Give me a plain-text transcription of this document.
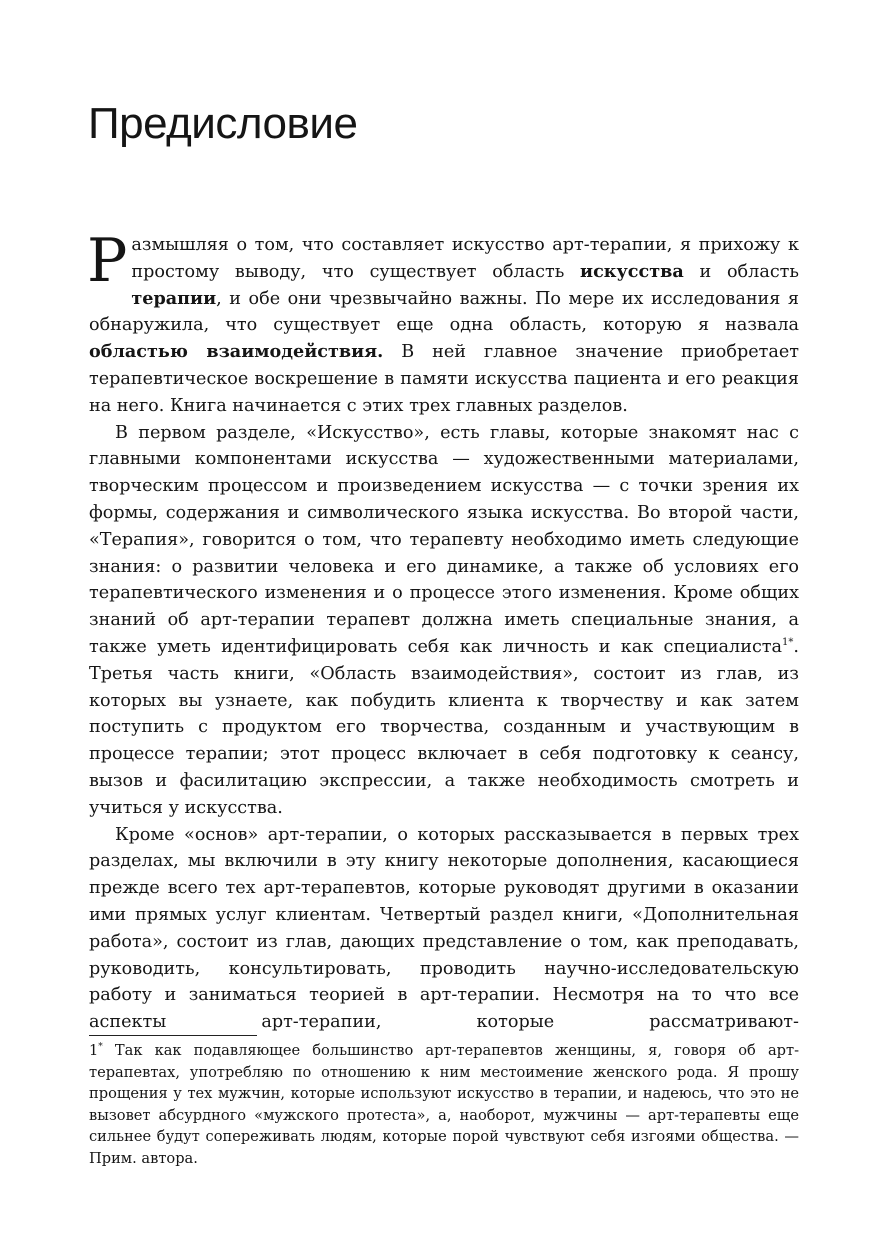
Предисловие

Размышляя о том, что составляет искусство арт-терапии, я прихожу к простому выводу, что существует область искусства и область терапии, и обе они чрезвычайно важны. По мере их исследования я обнаружила, что существует еще одна область, которую я назвала областью взаимодействия. В ней главное значение приобретает терапевтическое воскрешение в памяти искусства пациента и его реакция на него. Книга начинается с этих трех главных разделов.

В первом разделе, «Искусство», есть главы, которые знакомят нас с главными компонентами искусства — художественными материалами, творческим процессом и произведением искусства — с точки зрения их формы, содержания и символического языка искусства. Во второй части, «Терапия», говорится о том, что терапевту необходимо иметь следующие знания: о развитии человека и его динамике, а также об условиях его терапевтического изменения и о процессе этого изменения. Кроме общих знаний об арт-терапии терапевт должна иметь специальные знания, а также уметь идентифицировать себя как личность и как специалиста$^{1*}$. Третья часть книги, «Область взаимодействия», состоит из глав, из которых вы узнаете, как побудить клиента к творчеству и как затем поступить с продуктом его творчества, созданным и участвующим в процессе терапии; этот процесс включает в себя подготовку к сеансу, вызов и фасилитацию экспрессии, а также необходимость смотреть и учиться у искусства.

Кроме «основ» арт-терапии, о которых рассказывается в первых трех разделах, мы включили в эту книгу некоторые дополнения, касающиеся прежде всего тех арт-терапевтов, которые руководят другими в оказании ими прямых услуг клиентам. Четвертый раздел книги, «Дополнительная работа», состоит из глав, дающих представление о том, как преподавать, руководить, консультировать, проводить научно-исследовательскую работу и заниматься теорией в арт-терапии. Несмотря на то что все аспекты арт-терапии, которые рассматривают-

1* Так как подавляющее большинство арт-терапевтов женщины, я, говоря об арт-терапевтах, употребляю по отношению к ним местоимение женского рода. Я прошу прощения у тех мужчин, которые используют искусство в терапии, и надеюсь, что это не вызовет абсурдного «мужского протеста», а, наоборот, мужчины — арт-терапевты еще сильнее будут сопереживать людям, которые порой чувствуют себя изгоями общества. — Прим. автора.
